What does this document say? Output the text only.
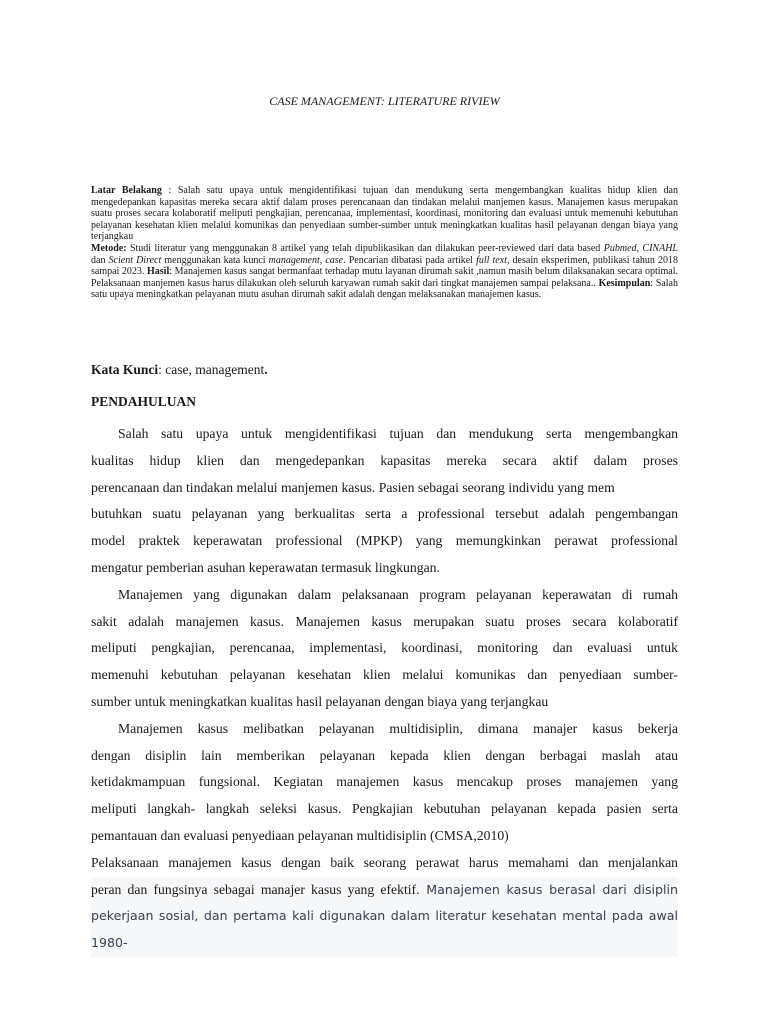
CASE MANAGEMENT: LITERATURE RIVIEW

Latar Belakang : Salah satu upaya untuk mengidentifikasi tujuan dan mendukung serta mengembangkan kualitas hidup klien dan mengedepankan kapasitas mereka secara aktif dalam proses perencanaan dan tindakan melalui manjemen kasus. Manajemen kasus merupakan suatu proses secara kolaboratif meliputi pengkajian, perencanaa, implementasi, koordinasi, monitoring dan evaluasi untuk memenuhi kebutuhan pelayanan kesehatan klien melalui komunikas dan penyediaan sumber-sumber untuk meningkatkan kualitas hasil pelayanan dengan biaya yang terjangkau

Metode: Studi literatur yang menggunakan 8 artikel yang telah dipublikasikan dan dilakukan peer-reviewed dari data based Pubmed, CINAHL dan Scient Direct menggunakan kata kunci management, case. Pencarian dibatasi pada artikel full text, desain eksperimen, publikasi tahun 2018 sampai 2023. Hasil: Manajemen kasus sangat bermanfaat terhadap mutu layanan dirumah sakit ,namun masih belum dilaksanakan secara optimal. Pelaksanaan manjemen kasus harus dilakukan oleh seluruh karyawan rumah sakit dari tingkat manajemen sampai pelaksana.. Kesimpulan: Salah satu upaya meningkatkan pelayanan mutu asuhan dirumah sakit adalah dengan melaksanakan manajemen kasus.

Kata Kunci: case, management.
PENDAHULUAN

Salah satu upaya untuk mengidentifikasi tujuan dan mendukung serta mengembangkan
kualitas hidup klien dan mengedepankan kapasitas mereka secara aktif dalam proses
perencanaan dan tindakan melalui manjemen kasus. Pasien sebagai seorang individu yang mem
butuhkan suatu pelayanan yang berkualitas serta a professional tersebut adalah pengembangan
model praktek keperawatan professional (MPKP) yang memungkinkan perawat professional
mengatur pemberian asuhan keperawatan termasuk lingkungan.

Manajemen yang digunakan dalam pelaksanaan program pelayanan keperawatan di rumah
sakit adalah manajemen kasus. Manajemen kasus merupakan suatu proses secara kolaboratif
meliputi pengkajian, perencanaa, implementasi, koordinasi, monitoring dan evaluasi untuk
memenuhi kebutuhan pelayanan kesehatan klien melalui komunikas dan penyediaan sumber-
sumber untuk meningkatkan kualitas hasil pelayanan dengan biaya yang terjangkau

Manajemen kasus melibatkan pelayanan multidisiplin, dimana manajer kasus bekerja
dengan disiplin lain memberikan pelayanan kepada klien dengan berbagai maslah atau
ketidakmampuan fungsional. Kegiatan manajemen kasus mencakup proses manajemen yang
meliputi langkah- langkah seleksi kasus. Pengkajian kebutuhan pelayanan kepada pasien serta
pemantauan dan evaluasi penyediaan pelayanan multidisiplin (CMSA,2010)

Pelaksanaan manajemen kasus dengan baik seorang perawat harus memahami dan menjalankan
peran dan fungsinya sebagai manajer kasus yang efektif. Manajemen kasus berasal dari disiplin
pekerjaan sosial, dan pertama kali digunakan dalam literatur kesehatan mental pada awal 1980-
